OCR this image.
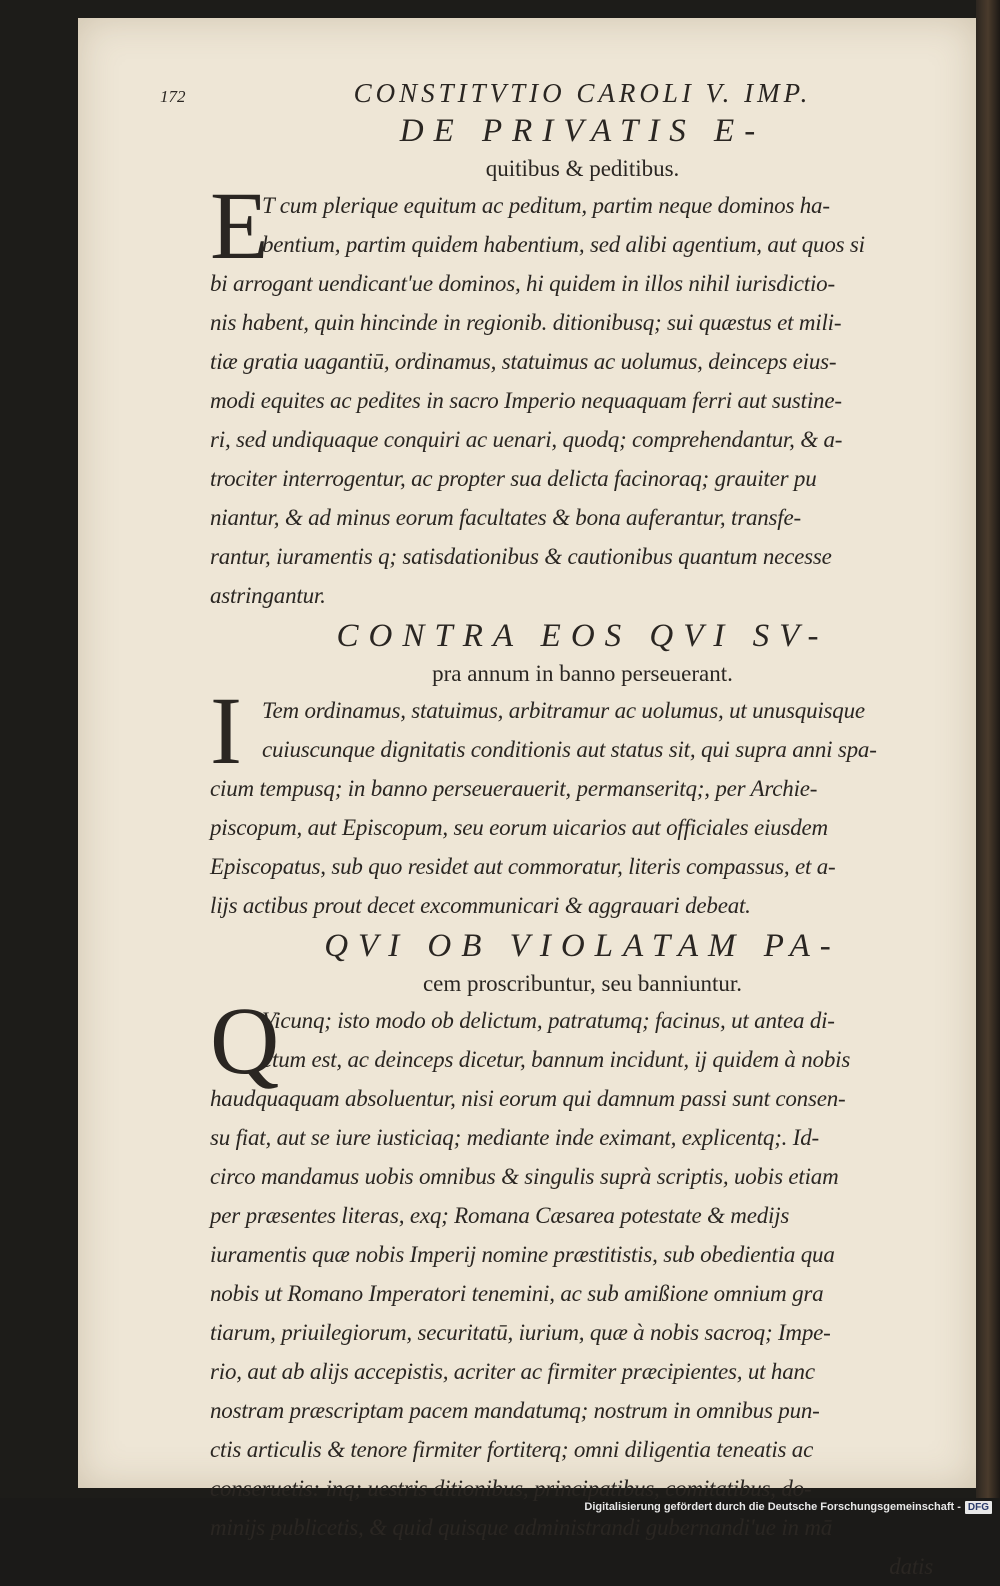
172	CONSTITVTIO CAROLI V. IMP.
DE PRIVATIS E-
quitibus & peditibus.
E
T cum plerique equitum ac peditum, partim neque dominos ha-
bentium, partim quidem habentium, sed alibi agentium, aut quos si
bi arrogant uendicant'ue dominos, hi quidem in illos nihil iurisdictio-
nis habent, quin hincinde in regionib. ditionibusq; sui quæstus et mili-
tiæ gratia uagantiū, ordinamus, statuimus ac uolumus, deinceps eius-
modi equites ac pedites in sacro Imperio nequaquam ferri aut sustine-
ri, sed undiquaque conquiri ac uenari, quodq; comprehendantur, & a-
trociter interrogentur, ac propter sua delicta facinoraq; grauiter pu
niantur, & ad minus eorum facultates & bona auferantur, transfe-
rantur, iuramentis q; satisdationibus & cautionibus quantum necesse
astringantur.
CONTRA EOS QVI SV-
pra annum in banno perseuerant.
I Tem ordinamus, statuimus, arbitramur ac uolumus, ut unusquisque
cuiuscunque dignitatis conditionis aut status sit, qui supra anni spa-
cium tempusq; in banno perseuerauerit, permanseritq;, per Archie-
piscopum, aut Episcopum, seu eorum uicarios aut officiales eiusdem
Episcopatus, sub quo residet aut commoratur, literis compassus, et a-
lijs actibus prout decet excommunicari & aggrauari debeat.
QVI OB VIOLATAM PA-
cem proscribuntur, seu banniuntur.
Q
Vicunq; isto modo ob delictum, patratumq; facinus, ut antea di-
ctum est, ac deinceps dicetur, bannum incidunt, ij quidem à nobis
haudquaquam absoluentur, nisi eorum qui damnum passi sunt consen-
su fiat, aut se iure iusticiaq; mediante inde eximant, explicentq;. Id-
circo mandamus uobis omnibus & singulis suprà scriptis, uobis etiam
per præsentes literas, exq; Romana Cæsarea potestate & medijs
iuramentis quæ nobis Imperij nomine præstitistis, sub obedientia qua
nobis ut Romano Imperatori tenemini, ac sub amißione omnium gra
tiarum, priuilegiorum, securitatū, iurium, quæ à nobis sacroq; Impe-
rio, aut ab alijs accepistis, acriter ac firmiter præcipientes, ut hanc
nostram præscriptam pacem mandatumq; nostrum in omnibus pun-
ctis articulis & tenore firmiter fortiterq; omni diligentia teneatis ac
conseruetis: inq; uestris ditionibus, principatibus, comitatibus, do-
minijs publicetis, & quid quisque administrandi gubernandi'ue in mā
datis
Digitalisierung gefördert durch die Deutsche Forschungsgemeinschaft - DFG
